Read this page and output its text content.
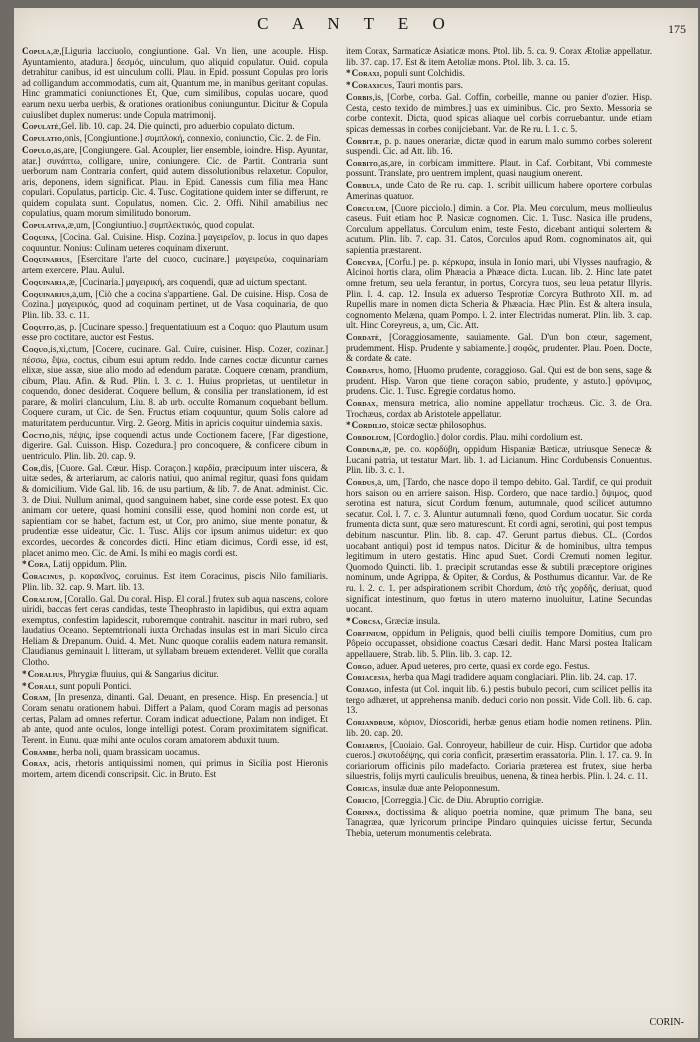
C A N T E O	175

Copula,æ,[Liguria lacciuolo, congiuntione. Gal. Vn lien, une acouple. Hisp. Ayuntamiento, atadura.] δεσμός, uinculum, quo aliquid copulatur. Ouid. copula detrahitur canibus, id est uinculum colli. Plau. in Epid. possunt Copulas pro loris ad colligandum accommodatis, cum ait, Quantum me, in manibus geritant copulas. Hinc grammatici coniunctiones Et, Que, cum similibus, copulas uocare, quod earum nexu uerba uerbis, & orationes orationibus coniunguntur. Dicitur & Copula cuiuslibet duplex numerus: unde Copula matrimonij.

Copulatè,Gel. lib. 10. cap. 24. Die quincti, pro aduerbio copulato dictum.

Copulatio,onis, [Congiuntione.] συμπλοκή, connexio, coniunctio, Cic. 2. de Fin.

Copulo,as,are, [Congiungere. Gal. Acoupler, lier ensemble, ioindre. Hisp. Ayuntar, atar.] συνάπτω, colligare, unire, coniungere. Cic. de Partit. Contraria sunt uerborum nam Contraria confert, quid autem dissolutionibus relaxetur. Copulor, aris, deponens, idem significat. Plau. in Epid. Canessis cum filia mea Hanc copulari. Copulatus, particip. Cic. 4. Tusc. Cogitatione quidem inter se differunt, re quidem copulata sunt. Copulatus, nomen. Cic. 2. Offi. Nihil amabilius nec copulatius, quam morum similitudo bonorum.

Copulativa,æ,um, [Congiuntiuo.] συμπλεκτικός, quod copulat.

Coquina, [Cocina. Gal. Cuisine. Hisp. Cozina.] μαγειρεῖον, p. locus in quo dapes coquuntur. Nonius: Culinam ueteres coquinam dixerunt.

Coquinarius, [Esercitare l'arte del cuoco, cucinare.] μαγειρεύω, coquinariam artem exercere. Plau. Aulul.

Coquinaria,æ, [Cucinaria.] μαγειρική, ars coquendi, quæ ad uictum spectant.

Coquinarius,a,um, [Ciò che a cocina s'appartiene. Gal. De cuisine. Hisp. Cosa de Cozina.] μαγειρικός, quod ad coquinam pertinet, ut de Vasa coquinaria, de quo Plin. lib. 33. c. 11.

Coquito,as, p. [Cucinare spesso.] frequentatiuum est a Coquo: quo Plautum usum esse pro coctitare, auctor est Festus.

Coquo,is,xi,ctum, [Cocere, cucinare. Gal. Cuire, cuisiner. Hisp. Cozer, cozinar.] πέσσω, ἕψω, coctus, cibum esui aptum reddo. Inde carnes coctæ dicuntur carnes elixæ, siue assæ, siue alio modo ad edendum paratæ. Coquere cœnam, prandium, cibum, Plau. Afin. & Rud. Plin. l. 3. c. 1. Huius proprietas, ut uentiletur in coquendo, donec desiderat. Coquere bellum, & consilia per translationem, id est parare, & moliri clanculum, Liu. 8. ab urb. occulte Romanum coquebant bellum. Coquere curam, ut Cic. de Sen. Fructus etiam coquuntur, quum Solis calore ad maturitatem perducuntur. Virg. 2. Georg. Mitis in apricis coquitur uindemia saxis.

Coctio,nis, πέψις, ipse coquendi actus unde Coctionem facere, [Far digestione, digerire. Gal. Cuisson. Hisp. Cozedura.] pro concoquere, & conficere cibum in uentriculo. Plin. lib. 20. cap. 9.

Cor,dis, [Cuore. Gal. Cœur. Hisp. Coraçon.] καρδία, præcipuum inter uiscera, & uitæ sedes, & arteriarum, ac caloris natiui, quo animal regitur, quasi fons quidam & domicilium. Vide Gal. lib. 16. de usu partium, & lib. 7. de Anat. administ. Cic. 3. de Diui. Nullum animal, quod sanguinem habet, sine corde esse potest. Ex quo animam cor uetere, quasi homini consilii esse, quod homini non corde est, ut sapientiam cor se habet, factum est, ut Cor, pro animo, siue mente ponatur, & prudentiæ esse uideatur, Cic. 1. Tusc. Alijs cor ipsum animus uidetur: ex quo excordes, uecordes & concordes dicti. Hinc etiam dicimus, Cordi esse, id est, placet animo meo. Cic. de Ami. Is mihi eo magis cordi est.

*Cora, Latij oppidum. Plin.

Coracinus, p. κορακῖνος, coruinus. Est item Coracinus, piscis Nilo familiaris. Plin. lib. 32. cap. 9. Mart. lib. 13.

Coralium, [Corallo. Gal. Du coral. Hisp. El coral.] frutex sub aqua nascens, colore uiridi, baccas fert ceras candidas, teste Theophrasto in lapidibus, qui extra aquam exemptus, confestim lapidescit, ruboremque contrahit. nascitur in mari rubro, sed laudatius Oceano. Septemtrionali iuxta Orchadas insulas est in mari Siculo circa Heliam & Drepanum. Ouid. 4. Met. Nunc quoque coraliis eadem natura remansit. Claudianus geminauit l. litteram, ut syllabam breuem extenderet. Vellit que coralla Clotho.

*Coralius, Phrygiæ fluuius, qui & Sangarius dicitur.

*Corali, sunt populi Pontici.

Coram, [In presenza, dinanti. Gal. Deuant, en presence. Hisp. En presencia.] ut Coram senatu orationem habui. Differt a Palam, quod Coram magis ad personas certas, Palam ad omnes refertur. Coram indicat aduectione, Palam non indiget. Et ab ante, quod ante oculos, longe intelligi potest. Coram proximitatem significat. Terent. in Eunu. quæ mihi ante oculos coram amatorem abduxit tuum.

Corambe, herba noli, quam brassicam uocamus.

Corax, acis, rhetoris antiquissimi nomen, qui primus in Sicilia post Hieronis mortem, artem dicendi conscripsit. Cic. in Bruto. Est

item Corax, Sarmaticæ Asiaticæ mons. Ptol. lib. 5. ca. 9. Corax Ætoliæ appellatur. lib. 37. cap. 17. Est & item Aetoliæ mons. Ptol. lib. 3. ca. 15.

*Coraxi, populi sunt Colchidis.

*Coraxicus, Tauri montis pars.

Corbis,is, [Corbe, corba. Gal. Coffin, corbeille, manne ou panier d'ozier. Hisp. Cesta, cesto texido de mimbres.] uas ex uiminibus. Cic. pro Sexto. Messoria se corbe contexit. Dicta, quod spicas aliaque uel corbis corruebantur. unde etiam spicas demessas in corbes conijciebant. Var. de Re ru. l. 1. c. 5.

Corbitæ, p. p. naues onerariæ, dictæ quod in earum malo summo corbes solerent suspendi. Cic. ad Att. lib. 16.

Corbito,as,are, in corbicam immittere. Plaut. in Caf. Corbitant, Vbi commeste possunt. Translate, pro uentrem implent, quasi naugium onerent.

Corbula, unde Cato de Re ru. cap. 1. scribit uillicum habere oportere corbulas Amerinas quatuor.

Corculum, [Cuore picciolo.] dimin. a Cor. Pla. Meu corculum, meus mollieulus caseus. Fuit etiam hoc P. Nasicæ cognomen. Cic. 1. Tusc. Nasica ille prudens, Corculum appellatus. Corculum enim, teste Festo, dicebant antiqui solertem & acutum. Plin. lib. 7. cap. 31. Catos, Corculos apud Rom. cognominatos ait, qui sapientia præstarent.

Corcyra, [Corfu.] pe. p. κέρκυρα, insula in Ionio mari, ubi Vlysses naufragio, & Alcinoi hortis clara, olim Phæacia a Phæace dicta. Lucan. lib. 2. Hinc late patet omne fretum, seu uela ferantur, in portus, Corcyra tuos, seu leua petatur Illyris. Plin. l. 4. cap. 12. Insula ex aduerso Tesprotiæ Corcyra Buthroto XII. m. ad Rupellis mare in nomen dicta Scheria & Phæacia. Hæc Plin. Est & altera insula, cognomento Melæna, quam Pompo. l. 2. inter Electridas numerat. Plin. lib. 3. cap. ult. Hinc Coreyreus, a, um, Cic. Att.

Cordatè, [Coraggiosamente, sauiamente. Gal. D'un bon cœur, sagement, prudemment. Hisp. Prudente y sabiamente.] σοφῶς, prudenter. Plau. Poen. Docte, & cordate & cate.

Cordatus, homo, [Huomo prudente, coraggioso. Gal. Qui est de bon sens, sage & prudent. Hisp. Varon que tiene coraçon sabio, prudente, y astuto.] φρόνιμος, prudens. Cic. 1. Tusc. Egregie cordatus homo.

Cordax, mensura metrica, alio nomine appellatur trochæus. Cic. 3. de Ora. Trochæus, cordax ab Aristotele appellatur.

*Cordilio, stoicæ sectæ philosophus.

Cordolium, [Cordoglio.] dolor cordis. Plau. mihi cordolium est.

Corduba,æ, pe. co. κορδύβη, oppidum Hispaniæ Bæticæ, utriusque Senecæ & Lucani patria, ut testatur Mart. lib. 1. ad Licianum. Hinc Cordubensis Conuentus. Plin. lib. 3. c. 1.

Cordus,a, um, [Tardo, che nasce dopo il tempo debito. Gal. Tardif, ce qui produit hors saison ou en arriere saison. Hisp. Cordero, que nace tardio.] ὄψιμος, quod serotina est natura, sicut Cordum fœnum, autumnale, quod scilicet autumno secatur. Col. l. 7. c. 3. Aluntur autumnali fœno, quod Cordum uocatur. Sic corda frumenta dicta sunt, quæ sero maturescunt. Et cordi agni, serotini, qui post tempus debitum nascuntur. Plin. lib. 8. cap. 47. Gerunt partus diebus. CL. (Cordos uocabant antiqui) post id tempus natos. Dicitur & de hominibus, ultra tempus legitimum in utero gestatis. Hinc apud Suet. Cordi Cremuti nomen legitur. Quomodo Quincti. lib. 1. præcipit scrutandas esse & subtili præceptore origines nominum, unde Agrippa, & Opiter, & Cordus, & Posthumus dicantur. Var. de Re ru. l. 2. c. 1. per adspirationem scribit Chordum, ἀπὸ τῆς χορδῆς, deriuat, quod significat intestinum, quo fœtus in utero materno inuoluitur, Latine Secundas uocant.

*Corcsa, Græciæ insula.

Corfinium, oppidum in Pelignis, quod belli ciuilis tempore Domitius, cum pro Pôpeio occupasset, obsidione coactus Cæsari dedit. Hanc Marsi postea Italicam appellauere, Strab. lib. 5. Plin. lib. 3. cap. 12.

Corgo, aduer. Apud ueteres, pro certe, quasi ex corde ego. Festus.

Coriacesia, herba qua Magi tradidere aquam conglaciari. Plin. lib. 24. cap. 17.

Coriago, infesta (ut Col. inquit lib. 6.) pestis bubulo pecori, cum scilicet pellis ita tergo adhæret, ut apprehensa manib. deduci corio non possit. Vide Coll. lib. 6. cap. 13.

Coriandrum, κόριον, Dioscoridi, herbæ genus etiam hodie nomen retinens. Plin. lib. 20. cap. 20.

Coriarius, [Cuoiaio. Gal. Conroyeur, habilleur de cuir. Hisp. Curtidor que adoba cueros.] σκυτοδέψης, qui coria conficit, præsertim erassatoria. Plin. l. 17. ca. 9. In coriariorum officinis pilo madefacto. Coriaria præterea est frutex, siue herba siluestris, folijs myrti cauliculis breuibus, uenena, & tinea herbis. Plin. l. 24. c. 11.

Coricas, insulæ duæ ante Peloponnesum.

Coricio, [Correggia.] Cic. de Diu. Abruptio corrigiæ.

Corinna, doctissima & aliquo poetria nomine, quæ primum The bana, seu Tanagræa, quæ lyricorum principe Pindaro quinquies uicisse fertur, Secunda Thebia, ueterum monumentis celebrata.

CORIN-
